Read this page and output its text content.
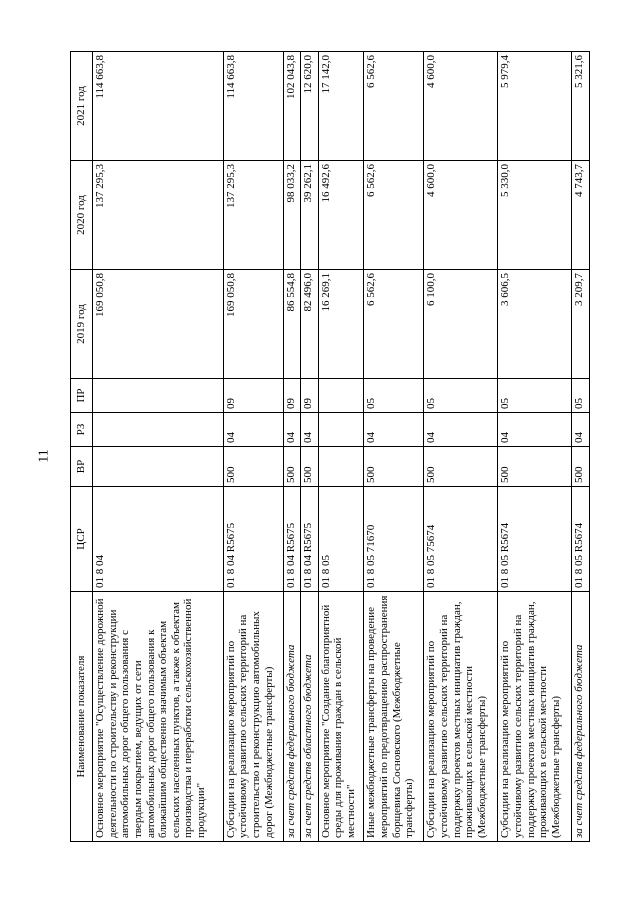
11
Наименование показателя	ЦСР	ВР	РЗ	ПР	2019 год	2020 год	2021 год
Основное мероприятие "Осуществление дорожной деятельности по строительству и реконструкции автомобильных дорог общего пользования с твердым покрытием, ведущих от сети автомобильных дорог общего пользования к ближайшим общественно значимым объектам сельских населенных пунктов, а также к объектам производства и переработки сельскохозяйственной продукции"	01 8 04				169 050,8	137 295,3	114 663,8
Субсидии на реализацию мероприятий по устойчивому развитию сельских территорий на строительство и реконструкцию автомобильных дорог (Межбюджетные трансферты)	01 8 04 R5675	500	04	09	169 050,8	137 295,3	114 663,8
за счет средств федерального бюджета	01 8 04 R5675	500	04	09	86 554,8	98 033,2	102 043,8
за счет средств областного бюджета	01 8 04 R5675	500	04	09	82 496,0	39 262,1	12 620,0
Основное мероприятие "Создание благоприятной среды для проживания граждан в сельской местности"	01 8 05				16 269,1	16 492,6	17 142,0
Иные межбюджетные трансферты на проведение мероприятий по предотвращению распространения борщевика Сосновского (Межбюджетные трансферты)	01 8 05 71670	500	04	05	6 562,6	6 562,6	6 562,6
Субсидии на реализацию мероприятий по устойчивому развитию сельских территорий на поддержку проектов местных инициатив граждан, проживающих в сельской местности (Межбюджетные трансферты)	01 8 05 75674	500	04	05	6 100,0	4 600,0	4 600,0
Субсидии на реализацию мероприятий по устойчивому развитию сельских территорий на поддержку проектов местных инициатив граждан, проживающих в сельской местности (Межбюджетные трансферты)	01 8 05 R5674	500	04	05	3 606,5	5 330,0	5 979,4
за счет средств федерального бюджета	01 8 05 R5674	500	04	05	3 209,7	4 743,7	5 321,6
